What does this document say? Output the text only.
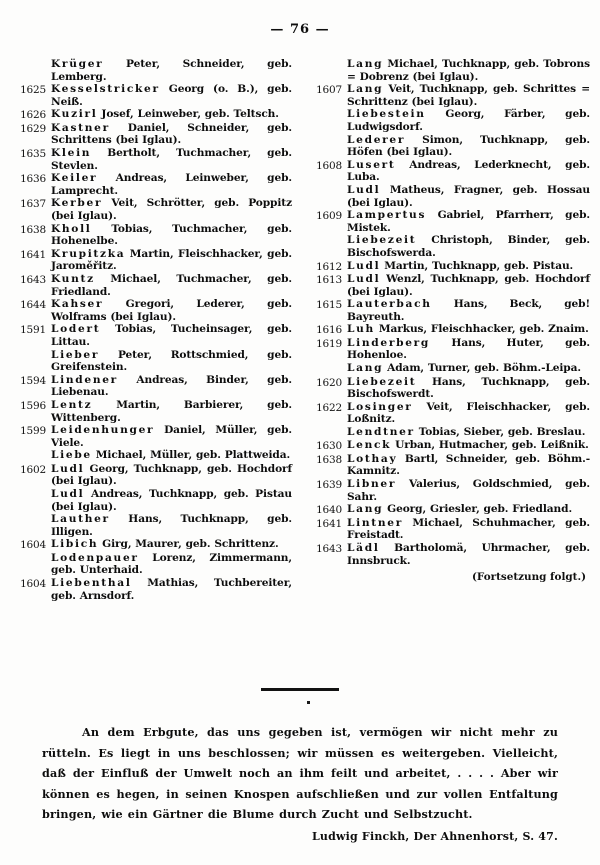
— 76 —

Krüger Peter, Schneider, geb. Lemberg.
1625 Kesselstricker Georg (o. B.), geb. Neiß.
1626 Kuzirl Josef, Leinweber, geb. Teltsch.
1629 Kastner Daniel, Schneider, geb. Schrittens (bei Iglau).
1635 Klein Bertholt, Tuchmacher, geb. Stevlen.
1636 Keiler Andreas, Leinweber, geb. Lamprecht.
1637 Kerber Veit, Schrötter, geb. Poppitz (bei Iglau).
1638 Kholl Tobias, Tuchmacher, geb. Hohenelbe.
1641 Krupitzka Martin, Fleischhacker, geb. Jaroměřitz.
1643 Kuntz Michael, Tuchmacher, geb. Friedland.
1644 Kahser Gregori, Lederer, geb. Wolframs (bei Iglau).
1591 Lodert Tobias, Tucheinsager, geb. Littau.

Lieber Peter, Rottschmied, geb. Greifenstein.
1594 Lindener Andreas, Binder, geb. Liebenau.
1596 Lentz Martin, Barbierer, geb. Wittenberg.
1599 Leidenhunger Daniel, Müller, geb. Viele.

Liebe Michael, Müller, geb. Plattweida.
1602 Ludl Georg, Tuchknapp, geb. Hochdorf (bei Iglau).

Ludl Andreas, Tuchknapp, geb. Pistau (bei Iglau).

Lauther Hans, Tuchknapp, geb. Illigen.
1604 Libich Girg, Maurer, geb. Schrittenz.

Lodenpauer Lorenz, Zimmermann, geb. Unterhaid.
1604 Liebenthal Mathias, Tuchbereiter, geb. Arnsdorf.

Lang Michael, Tuchknapp, geb. Tobrons = Dobrenz (bei Iglau).
1607 Lang Veit, Tuchknapp, geb. Schrittes = Schrittenz (bei Iglau).

Liebestein Georg, Färber, geb. Ludwigsdorf.

Lederer Simon, Tuchknapp, geb. Höfen (bei Iglau).
1608 Lusert Andreas, Lederknecht, geb. Luba.

Ludl Matheus, Fragner, geb. Hossau (bei Iglau).
1609 Lampertus Gabriel, Pfarrherr, geb. Mistek.

Liebezeit Christoph, Binder, geb. Bischofswerda.
1612 Ludl Martin, Tuchknapp, geb. Pistau.
1613 Ludl Wenzl, Tuchknapp, geb. Hochdorf (bei Iglau).
1615 Lauterbach Hans, Beck, geb! Bayreuth.
1616 Luh Markus, Fleischhacker, geb. Znaim.
1619 Linderberg Hans, Huter, geb. Hohenloe.

Lang Adam, Turner, geb. Böhm.-Leipa.
1620 Liebezeit Hans, Tuchknapp, geb. Bischofswerdt.
1622 Losinger Veit, Fleischhacker, geb. Loßnitz.

Lendtner Tobias, Sieber, geb. Breslau.
1630 Lenck Urban, Hutmacher, geb. Leißnik.
1638 Lothay Bartl, Schneider, geb. Böhm.-Kamnitz.
1639 Libner Valerius, Goldschmied, geb. Sahr.
1640 Lang Georg, Griesler, geb. Friedland.
1641 Lintner Michael, Schuhmacher, geb. Freistadt.
1643 Lädl Bartholomä, Uhrmacher, geb. Innsbruck.
(Fortsetzung folgt.)
An dem Erbgute, das uns gegeben ist, vermögen wir nicht mehr zu rütteln. Es liegt in uns beschlossen; wir müssen es weitergeben. Vielleicht, daß der Einfluß der Umwelt noch an ihm feilt und arbeitet, . . . . Aber wir können es hegen, in seinen Knospen aufschließen und zur vollen Entfaltung bringen, wie ein Gärtner die Blume durch Zucht und Selbstzucht.
Ludwig Finckh, Der Ahnenhorst, S. 47.
